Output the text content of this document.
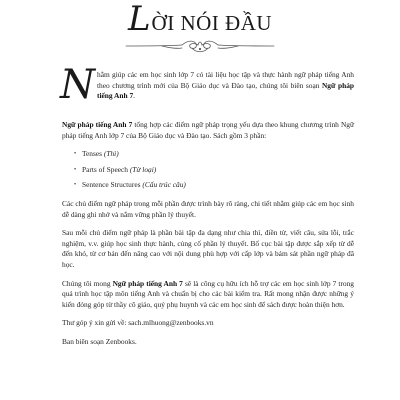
LỜI NÓI ĐẦU

Nhằm giúp các em học sinh lớp 7 có tài liệu học tập và thực hành ngữ pháp tiếng Anh theo chương trình mới của Bộ Giáo dục và Đào tạo, chúng tôi biên soạn Ngữ pháp tiếng Anh 7.

Ngữ pháp tiếng Anh 7 tổng hợp các điểm ngữ pháp trọng yếu dựa theo khung chương trình Ngữ pháp tiếng Anh lớp 7 của Bộ Giáo dục và Đào tạo. Sách gồm 3 phần:

• Tenses (Thì)
• Parts of Speech (Từ loại)
• Sentence Structures (Cấu trúc câu)

Các chủ điểm ngữ pháp trong mỗi phần được trình bày rõ ràng, chi tiết nhằm giúp các em học sinh dễ dàng ghi nhớ và nắm vững phần lý thuyết.

Sau mỗi chủ điểm ngữ pháp là phần bài tập đa dạng như chia thì, điền từ, viết câu, sửa lỗi, trắc nghiệm, v.v. giúp học sinh thực hành, củng cố phần lý thuyết. Bố cục bài tập được sắp xếp từ dễ đến khó, từ cơ bản đến nâng cao với nội dung phù hợp với cấp lớp và bám sát phần ngữ pháp đã học.

Chúng tôi mong Ngữ pháp tiếng Anh 7 sẽ là công cụ hữu ích hỗ trợ các em học sinh lớp 7 trong quá trình học tập môn tiếng Anh và chuẩn bị cho các bài kiểm tra. Rất mong nhận được những ý kiến đóng góp từ thầy cô giáo, quý phụ huynh và các em học sinh để sách được hoàn thiện hơn.

Thư góp ý xin gửi về: sach.mlhuong@zenbooks.vn

Ban biên soạn Zenbooks.
